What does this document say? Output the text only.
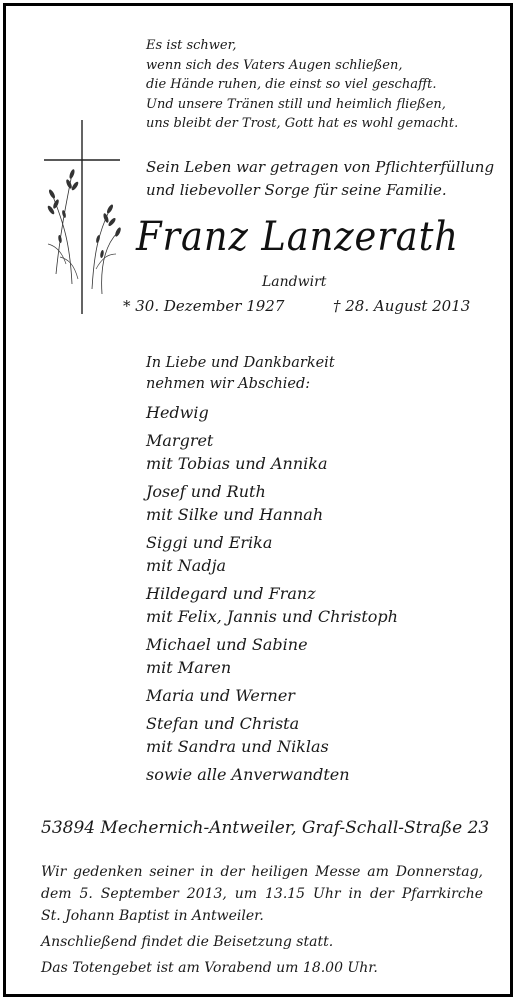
Es ist schwer,
wenn sich des Vaters Augen schließen,
die Hände ruhen, die einst so viel geschafft.
Und unsere Tränen still und heimlich fließen,
uns bleibt der Trost, Gott hat es wohl gemacht.
Sein Leben war getragen von Pflichterfüllung
und liebevoller Sorge für seine Familie.
Franz Lanzerath
Landwirt
* 30. Dezember 1927	† 28. August 2013
In Liebe und Dankbarkeit
nehmen wir Abschied:
Hedwig
Margret
mit Tobias und Annika
Josef und Ruth
mit Silke und Hannah
Siggi und Erika
mit Nadja
Hildegard und Franz
mit Felix, Jannis und Christoph
Michael und Sabine
mit Maren
Maria und Werner
Stefan und Christa
mit Sandra und Niklas
sowie alle Anverwandten
53894 Mechernich-Antweiler, Graf-Schall-Straße 23
Wir gedenken seiner in der heiligen Messe am Donnerstag,
dem 5. September 2013, um 13.15 Uhr in der Pfarrkirche
St. Johann Baptist in Antweiler.
Anschließend findet die Beisetzung statt.
Das Totengebet ist am Vorabend um 18.00 Uhr.
